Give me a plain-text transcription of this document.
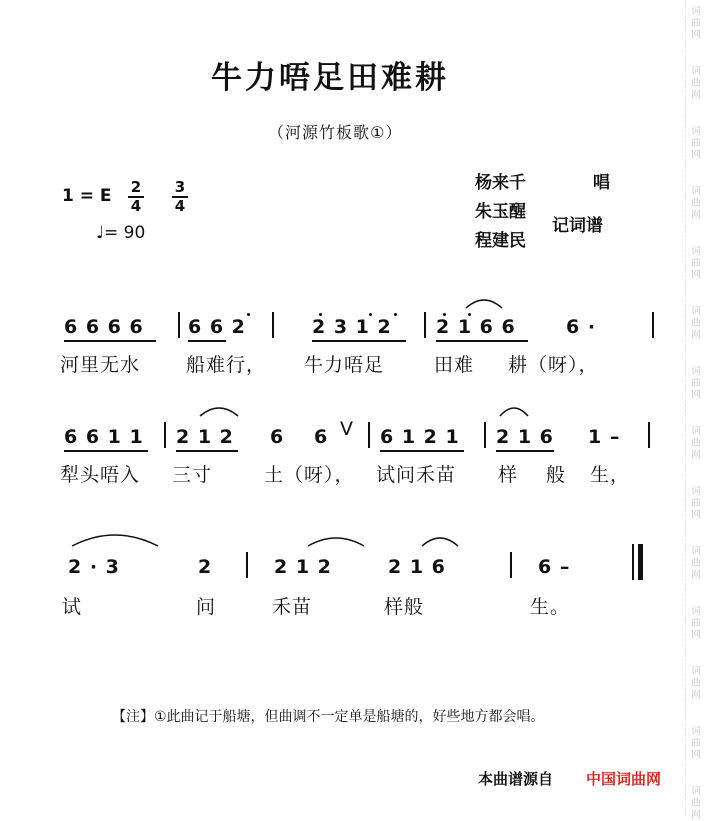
词
曲
网
词
曲
网
词
曲
网
词
曲
网
词
曲
网
词
曲
网
词
曲
网
词
曲
网
词
曲
网
词
曲
网
词
曲
网
词
曲
网
词
曲
网
词
曲
网
牛力唔足田难耕
（河源竹板歌①）
1 = E 2
4
3
4
♩= 90
杨来千	唱
朱玉醒
程建民
记词谱
6 6 6 6 6 6 2	2 3 1 2 2 1 6 6	6 ·
河里无水 船难行， 牛力唔足	田难 耕（呀），
6 6 1 1 2 1 2 6 6 V 6 1 2 1 2 1 6 1 –
犁头唔入 三寸	土（呀）， 试问禾苗 样 般 生，
2 · 3	2	2 1 2	2 1 6	6 –
试	问	禾苗	样般	生。
【注】①此曲记于船塘，但曲调不一定单是船塘的，好些地方都会唱。
本曲谱源自 中国词曲网
